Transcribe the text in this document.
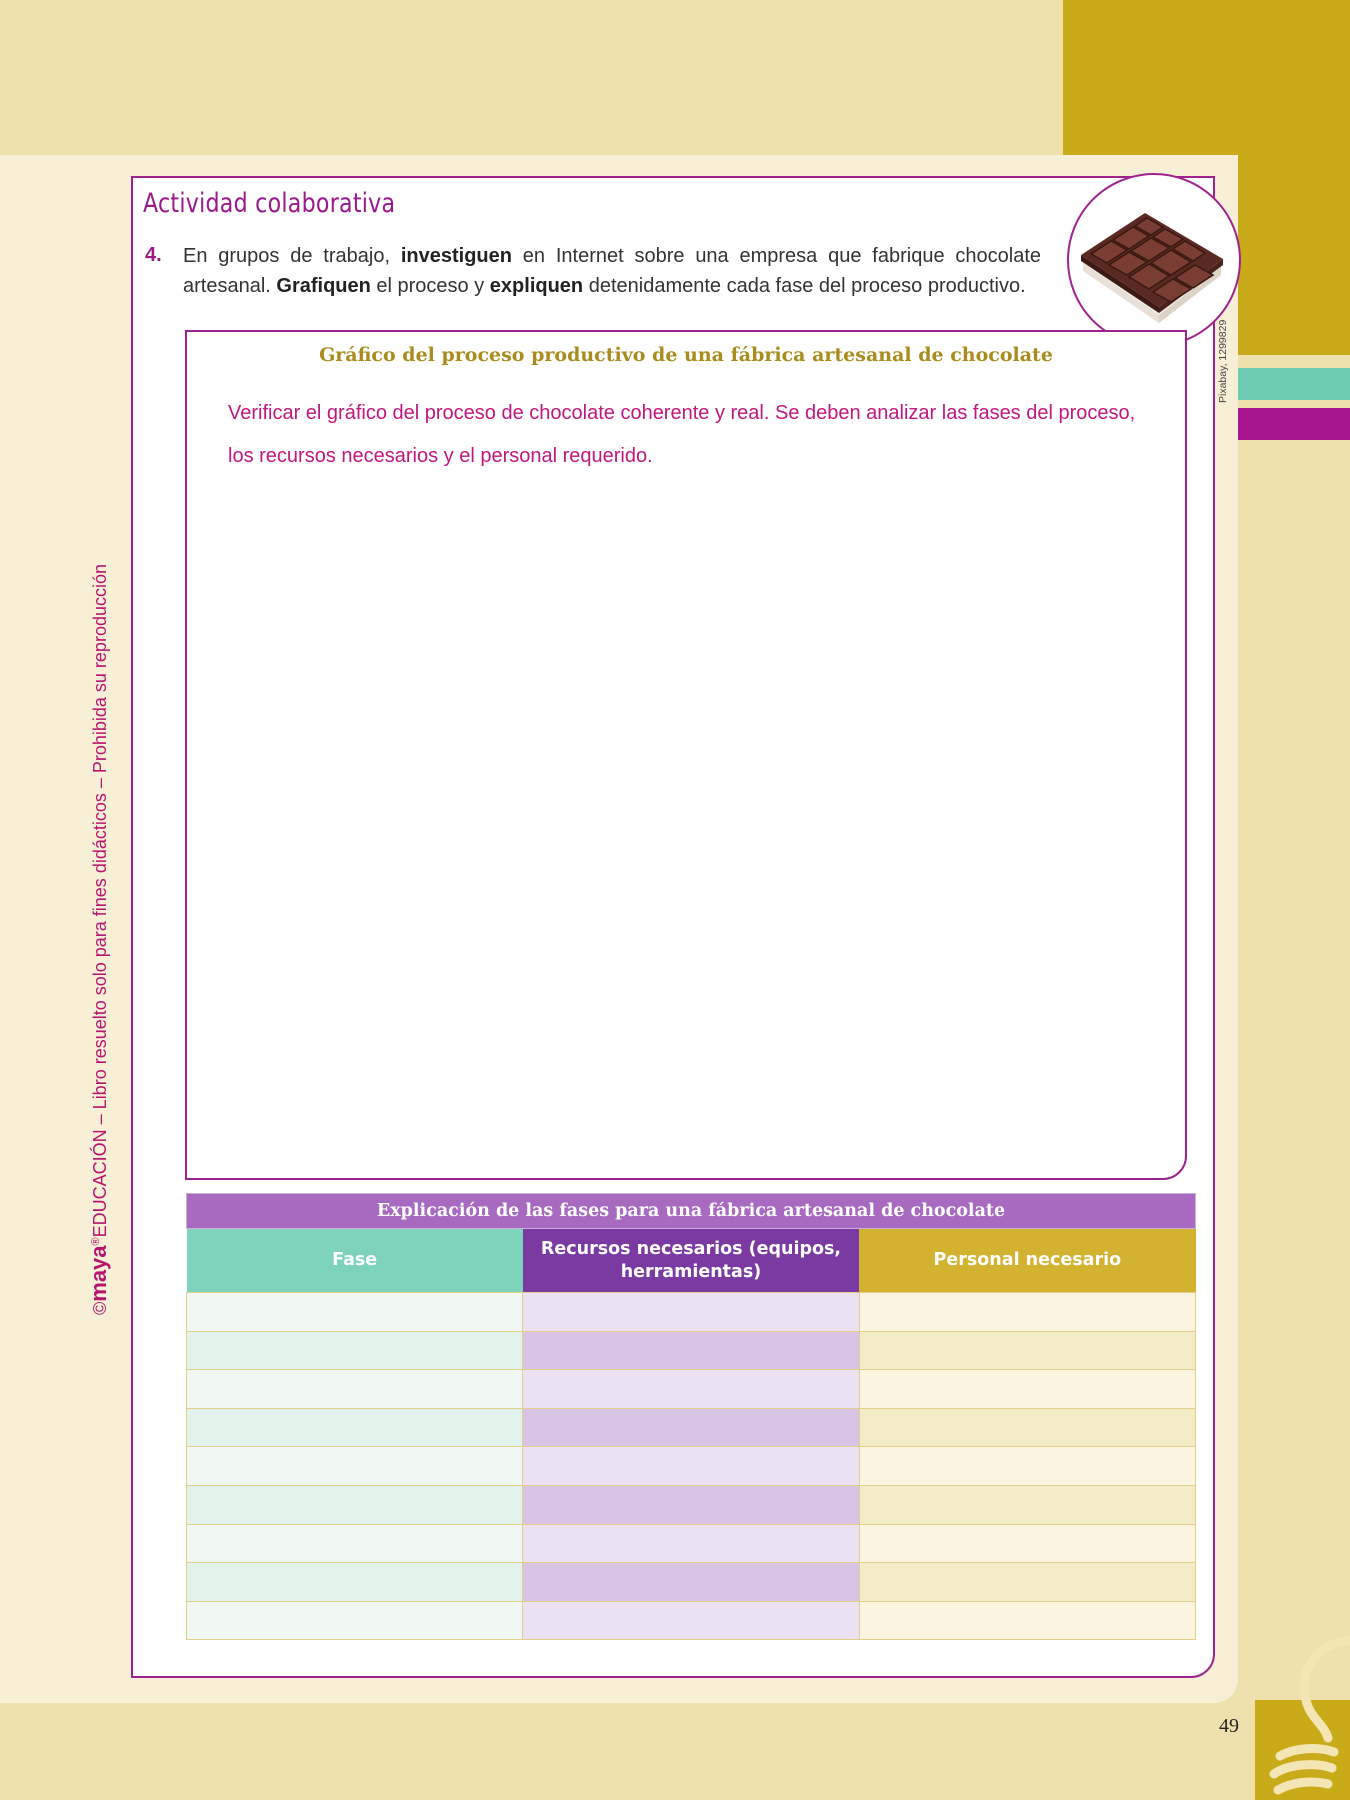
Actividad colaborativa
4. En grupos de trabajo, investiguen en Internet sobre una empresa que fabrique chocolate artesanal. Grafiquen el proceso y expliquen detenidamente cada fase del proceso productivo.

Pixabay, 1299829
Gráfico del proceso productivo de una fábrica artesanal de chocolate

Verificar el gráfico del proceso de chocolate coherente y real. Se deben analizar las fases del proceso, los recursos necesarios y el personal requerido.

Explicación de las fases para una fábrica artesanal de chocolate		
Fase	Recursos necesarios (equipos, herramientas)	Personal necesario

©maya®EDUCACIÓN – Libro resuelto solo para fines didácticos – Prohibida su reproducción
49
